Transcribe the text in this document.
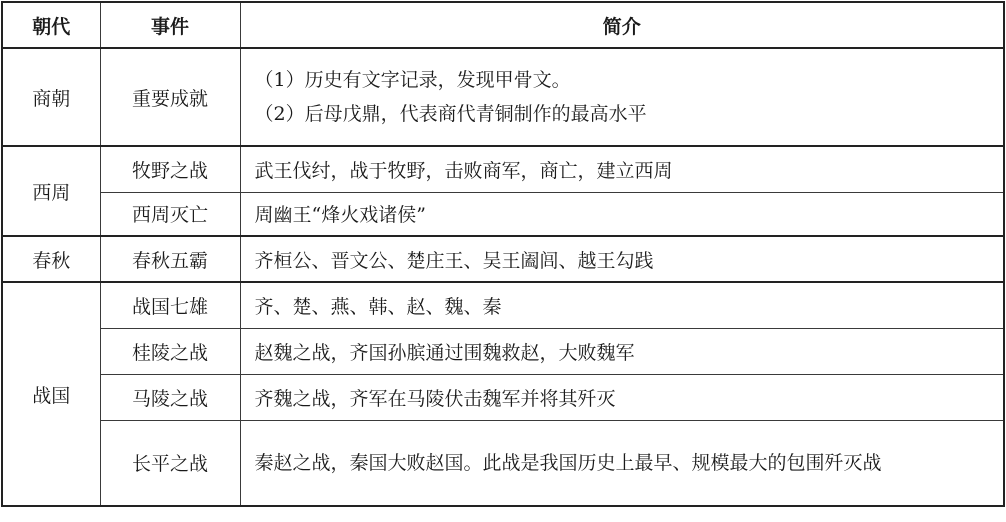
朝代	事件	简介
商朝	重要成就	（1）历史有文字记录，发现甲骨文。
（2）后母戊鼎，代表商代青铜制作的最高水平

西周	牧野之战	武王伐纣，战于牧野，击败商军，商亡，建立西周
	西周灭亡	周幽王“烽火戏诸侯”
春秋	春秋五霸	齐桓公、晋文公、楚庄王、吴王阖闾、越王勾践
战国	战国七雄	齐、楚、燕、韩、赵、魏、秦
	桂陵之战	赵魏之战，齐国孙膑通过围魏救赵，大败魏军
	马陵之战	齐魏之战，齐军在马陵伏击魏军并将其歼灭
	长平之战	秦赵之战，秦国大败赵国。此战是我国历史上最早、规模最大的包围歼灭战
